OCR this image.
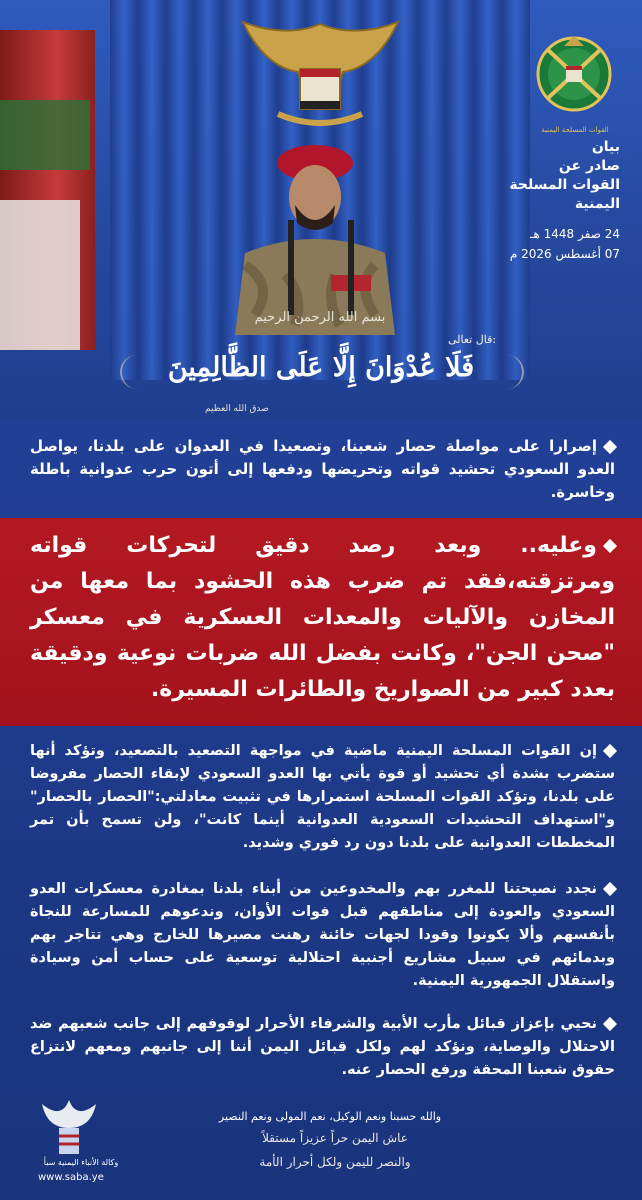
بسم الله الرحمن الرحيم
قال تعالى:
فَلَا عُدْوَانَ إِلَّا عَلَى الظَّالِمِينَ
صدق الله العظيم
القوات المسلحة اليمنية
بيان
صادر عن
القوات المسلحة
اليمنية
24 صفر 1448 هـ
07 أغسطس 2026 م
إصرارا على مواصلة حصار شعبنا، وتصعيدا في العدوان على بلدنا، يواصل العدو السعودي تحشيد قواته وتحريضها ودفعها إلى أتون حرب عدوانية باطلة وخاسرة.
وعليه.. وبعد رصد دقيق لتحركات قواته ومرتزقته،فقد تم ضرب هذه الحشود بما معها من المخازن والآليات والمعدات العسكرية في معسكر "صحن الجن"، وكانت بفضل الله ضربات نوعية ودقيقة بعدد كبير من الصواريخ والطائرات المسيرة.
إن القوات المسلحة اليمنية ماضية في مواجهة التصعيد بالتصعيد، وتؤكد أنها ستضرب بشدة أي تحشيد أو قوة يأتي بها العدو السعودي لإبقاء الحصار مفروضا على بلدنا، وتؤكد القوات المسلحة استمرارها في تثبيت معادلتي:"الحصار بالحصار" و"استهداف التحشيدات السعودية العدوانية أينما كانت"، ولن تسمح بأن تمر المخططات العدوانية على بلدنا دون رد فوري وشديد.
نجدد نصيحتنا للمغرر بهم والمخدوعين من أبناء بلدنا بمغادرة معسكرات العدو السعودي والعودة إلى مناطقهم قبل فوات الأوان، وندعوهم للمسارعة للنجاة بأنفسهم وألا يكونوا وقودا لجهات خائنة رهنت مصيرها للخارج وهي تتاجر بهم وبدمائهم في سبيل مشاريع أجنبية احتلالية توسعية على حساب أمن وسيادة واستقلال الجمهورية اليمنية.
نحيي بإعزاز قبائل مأرب الأبية والشرفاء الأحرار لوقوفهم إلى جانب شعبهم ضد الاحتلال والوصاية، ونؤكد لهم ولكل قبائل اليمن أننا إلى جانبهم ومعهم لانتزاع حقوق شعبنا المحقة ورفع الحصار عنه.
وكالة الأنباء اليمنية سبأ
www.saba.ye
والله حسبنا ونعم الوكيل، نعم المولى ونعم النصير
عاش اليمن حراً عزيزاً مستقلاً
والنصر لليمن ولكل أحرار الأمة
